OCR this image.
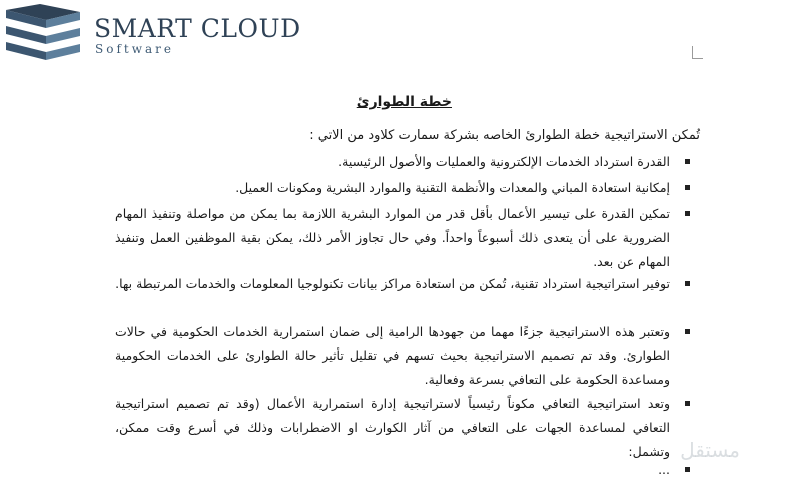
SMART CLOUD
Software
خطة الطوارئ
تُمكن الاستراتيجية خطة الطوارئ الخاصه بشركة سمارت كلاود من الاتي :
القدرة استرداد الخدمات الإلكترونية والعمليات والأصول الرئيسية.
إمكانية استعادة المباني والمعدات والأنظمة التقنية والموارد البشرية ومكونات العميل.
تمكين القدرة على تيسير الأعمال بأقل قدر من الموارد البشرية اللازمة بما يمكن من مواصلة وتنفيذ المهام الضرورية على أن يتعدى ذلك أسبوعاً واحداً. وفي حال تجاوز الأمر ذلك، يمكن بقية الموظفين العمل وتنفيذ المهام عن بعد.
توفير استراتيجية استرداد تقنية، تُمكن من استعادة مراكز بيانات تكنولوجيا المعلومات والخدمات المرتبطة بها.
وتعتبر هذه الاستراتيجية جزءًا مهما من جهودها الرامية إلى ضمان استمرارية الخدمات الحكومية في حالات الطوارئ. وقد تم تصميم الاستراتيجية بحيث تسهم في تقليل تأثير حالة الطوارئ على الخدمات الحكومية ومساعدة الحكومة على التعافي بسرعة وفعالية.
وتعد استراتيجية التعافي مكوناً رئيسياً لاستراتيجية إدارة استمرارية الأعمال (وقد تم تصميم استراتيجية التعافي لمساعدة الجهات على التعافي من آثار الكوارث او الاضطرابات وذلك في أسرع وقت ممكن، وتشمل:
...
مستقل
